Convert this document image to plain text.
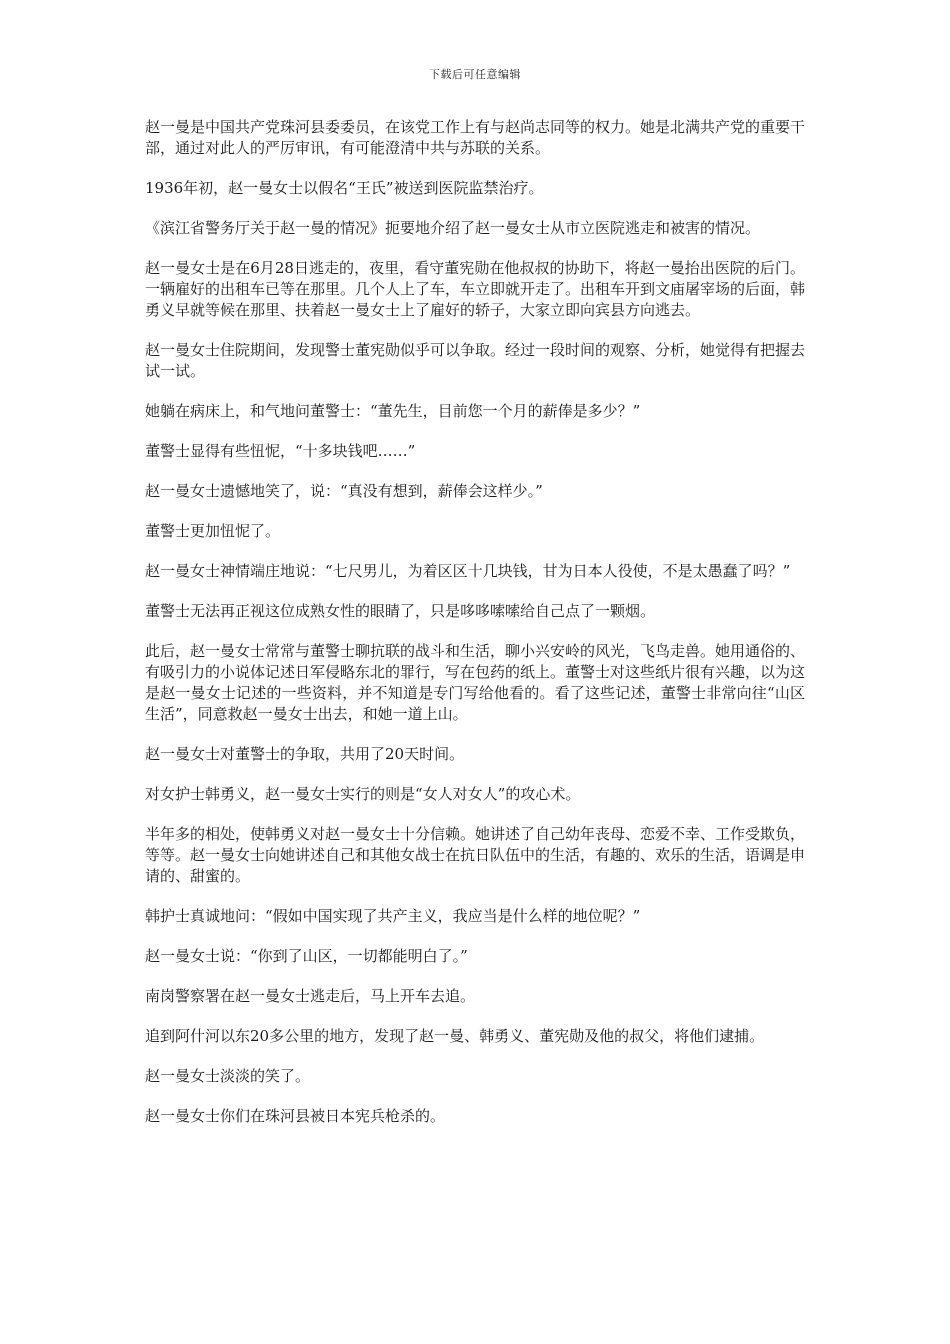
下载后可任意编辑

赵一曼是中国共产党珠河县委委员，在该党工作上有与赵尚志同等的权力。她是北满共产党的重要干部，通过对此人的严厉审讯，有可能澄清中共与苏联的关系。

1936年初，赵一曼女士以假名“王氏”被送到医院监禁治疗。

《滨江省警务厅关于赵一曼的情况》扼要地介绍了赵一曼女士从市立医院逃走和被害的情况。

赵一曼女士是在6月28日逃走的，夜里，看守董宪勋在他叔叔的协助下，将赵一曼抬出医院的后门。一辆雇好的出租车已等在那里。几个人上了车，车立即就开走了。出租车开到文庙屠宰场的后面，韩勇义早就等候在那里、扶着赵一曼女士上了雇好的轿子，大家立即向宾县方向逃去。

赵一曼女士住院期间，发现警士董宪勋似乎可以争取。经过一段时间的观察、分析，她觉得有把握去试一试。

她躺在病床上，和气地问董警士：“董先生，目前您一个月的薪俸是多少？”

董警士显得有些忸怩，“十多块钱吧……”

赵一曼女士遗憾地笑了，说：“真没有想到，薪俸会这样少。”

董警士更加忸怩了。

赵一曼女士神情端庄地说：“七尺男儿，为着区区十几块钱，甘为日本人役使，不是太愚蠢了吗？”

董警士无法再正视这位成熟女性的眼睛了，只是哆哆嗦嗦给自己点了一颗烟。

此后，赵一曼女士常常与董警士聊抗联的战斗和生活，聊小兴安岭的风光，飞鸟走兽。她用通俗的、有吸引力的小说体记述日军侵略东北的罪行，写在包药的纸上。董警士对这些纸片很有兴趣，以为这是赵一曼女士记述的一些资料，并不知道是专门写给他看的。看了这些记述，董警士非常向往“山区生活”，同意救赵一曼女士出去，和她一道上山。

赵一曼女士对董警士的争取，共用了20天时间。

对女护士韩勇义，赵一曼女士实行的则是“女人对女人”的攻心术。

半年多的相处，使韩勇义对赵一曼女士十分信赖。她讲述了自己幼年丧母、恋爱不幸、工作受欺负，等等。赵一曼女士向她讲述自己和其他女战士在抗日队伍中的生活，有趣的、欢乐的生活，语调是申请的、甜蜜的。

韩护士真诚地问：“假如中国实现了共产主义，我应当是什么样的地位呢？”

赵一曼女士说：“你到了山区，一切都能明白了。”

南岗警察署在赵一曼女士逃走后，马上开车去追。

追到阿什河以东20多公里的地方，发现了赵一曼、韩勇义、董宪勋及他的叔父，将他们逮捕。

赵一曼女士淡淡的笑了。

赵一曼女士你们在珠河县被日本宪兵枪杀的。
